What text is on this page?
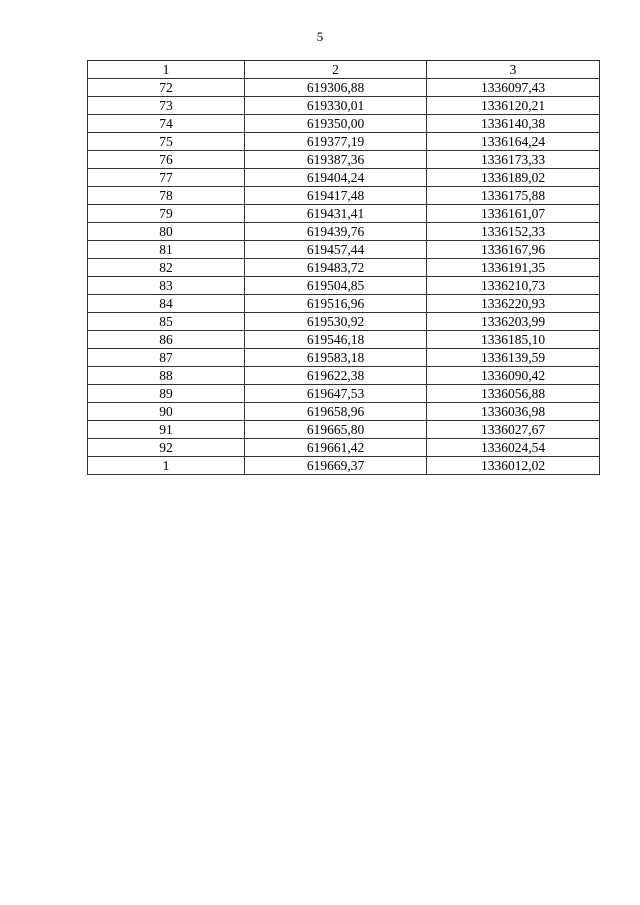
5
1	2	3
72	619306,88	1336097,43
73	619330,01	1336120,21
74	619350,00	1336140,38
75	619377,19	1336164,24
76	619387,36	1336173,33
77	619404,24	1336189,02
78	619417,48	1336175,88
79	619431,41	1336161,07
80	619439,76	1336152,33
81	619457,44	1336167,96
82	619483,72	1336191,35
83	619504,85	1336210,73
84	619516,96	1336220,93
85	619530,92	1336203,99
86	619546,18	1336185,10
87	619583,18	1336139,59
88	619622,38	1336090,42
89	619647,53	1336056,88
90	619658,96	1336036,98
91	619665,80	1336027,67
92	619661,42	1336024,54
1	619669,37	1336012,02
